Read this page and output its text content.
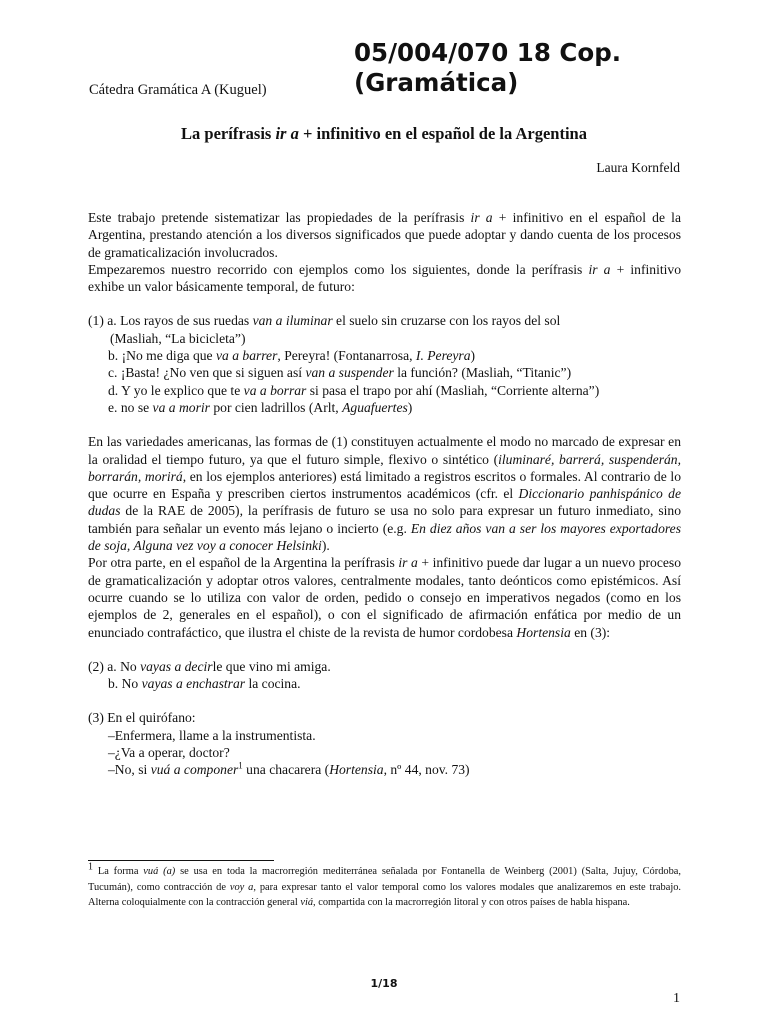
05/004/070 18 Cop.
(Gramática)
Cátedra Gramática A (Kuguel)
La perífrasis ir a + infinitivo en el español de la Argentina
Laura Kornfeld

Este trabajo pretende sistematizar las propiedades de la perífrasis ir a + infinitivo en el español de la Argentina, prestando atención a los diversos significados que puede adoptar y dando cuenta de los procesos de gramaticalización involucrados.

Empezaremos nuestro recorrido con ejemplos como los siguientes, donde la perífrasis ir a + infinitivo exhibe un valor básicamente temporal, de futuro:

(1) a. Los rayos de sus ruedas van a iluminar el suelo sin cruzarse con los rayos del sol
(Masliah, “La bicicleta”)
b. ¡No me diga que va a barrer, Pereyra! (Fontanarrosa, I. Pereyra)
c. ¡Basta! ¿No ven que si siguen así van a suspender la función? (Masliah, “Titanic”)
d. Y yo le explico que te va a borrar si pasa el trapo por ahí (Masliah, “Corriente alterna”)
e. no se va a morir por cien ladrillos (Arlt, Aguafuertes)

En las variedades americanas, las formas de (1) constituyen actualmente el modo no marcado de expresar en la oralidad el tiempo futuro, ya que el futuro simple, flexivo o sintético (iluminaré, barrerá, suspenderán, borrarán, morirá, en los ejemplos anteriores) está limitado a registros escritos o formales. Al contrario de lo que ocurre en España y prescriben ciertos instrumentos académicos (cfr. el Diccionario panhispánico de dudas de la RAE de 2005), la perífrasis de futuro se usa no solo para expresar un futuro inmediato, sino también para señalar un evento más lejano o incierto (e.g. En diez años van a ser los mayores exportadores de soja, Alguna vez voy a conocer Helsinki).

Por otra parte, en el español de la Argentina la perífrasis ir a + infinitivo puede dar lugar a un nuevo proceso de gramaticalización y adoptar otros valores, centralmente modales, tanto deónticos como epistémicos. Así ocurre cuando se lo utiliza con valor de orden, pedido o consejo en imperativos negados (como en los ejemplos de 2, generales en el español), o con el significado de afirmación enfática por medio de un enunciado contrafáctico, que ilustra el chiste de la revista de humor cordobesa Hortensia en (3):

(2) a. No vayas a decirle que vino mi amiga.
b. No vayas a enchastrar la cocina.
(3) En el quirófano:
–Enfermera, llame a la instrumentista.
–¿Va a operar, doctor?
–No, si vuá a componer$^1$ una chacarera (Hortensia, nº 44, nov. 73)
$^1$ La forma vuá (a) se usa en toda la macrorregión mediterránea señalada por Fontanella de Weinberg (2001) (Salta, Jujuy, Córdoba, Tucumán), como contracción de voy a, para expresar tanto el valor temporal como los valores modales que analizaremos en este trabajo. Alterna coloquialmente con la contracción general viá, compartida con la macrorregión litoral y con otros países de habla hispana.
1/18
1
